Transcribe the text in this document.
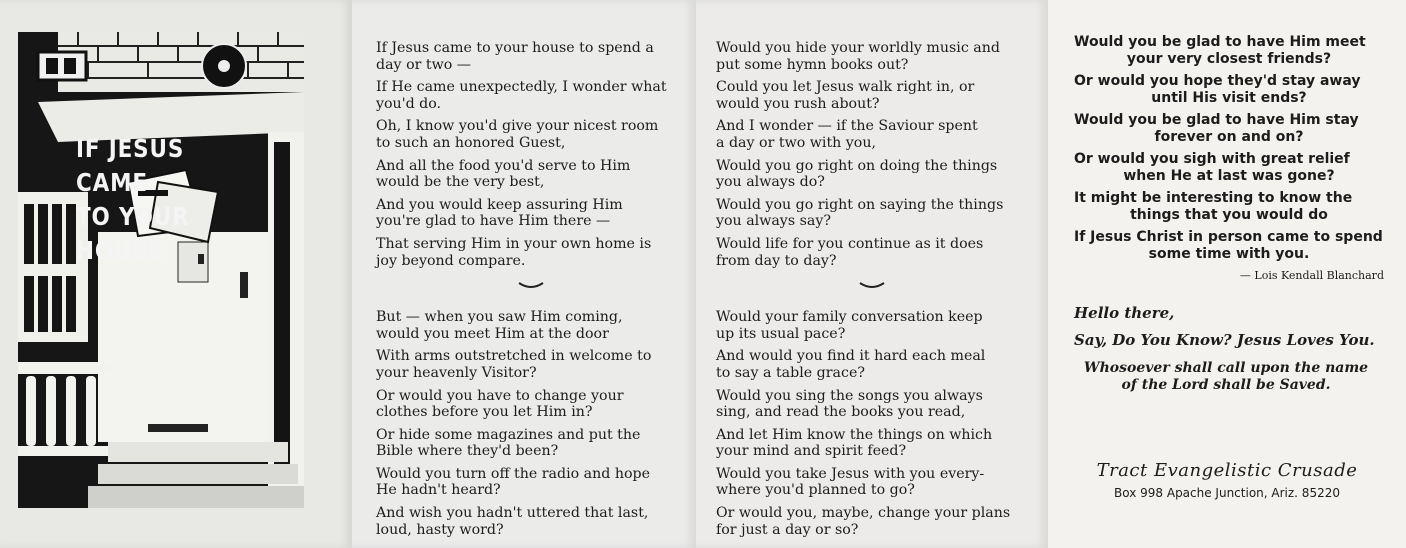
IF JESUS CAME
TO YOUR HOUSE

If Jesus came to your house to spend a
day or two —

If He came unexpectedly, I wonder what
you'd do.

Oh, I know you'd give your nicest room
to such an honored Guest,

And all the food you'd serve to Him
would be the very best,

And you would keep assuring Him
you're glad to have Him there —

That serving Him in your own home is
joy beyond compare.

But — when you saw Him coming,
would you meet Him at the door

With arms outstretched in welcome to
your heavenly Visitor?

Or would you have to change your
clothes before you let Him in?

Or hide some magazines and put the
Bible where they'd been?

Would you turn off the radio and hope
He hadn't heard?

And wish you hadn't uttered that last,
loud, hasty word?

Would you hide your worldly music and
put some hymn books out?

Could you let Jesus walk right in, or
would you rush about?

And I wonder — if the Saviour spent
a day or two with you,

Would you go right on doing the things
you always do?

Would you go right on saying the things
you always say?

Would life for you continue as it does
from day to day?

Would your family conversation keep
up its usual pace?

And would you find it hard each meal
to say a table grace?

Would you sing the songs you always
sing, and read the books you read,

And let Him know the things on which
your mind and spirit feed?

Would you take Jesus with you every-
where you'd planned to go?

Or would you, maybe, change your plans
for just a day or so?

Would you be glad to have Him meet
your very closest friends?

Or would you hope they'd stay away
until His visit ends?

Would you be glad to have Him stay
forever on and on?

Or would you sigh with great relief
when He at last was gone?

It might be interesting to know the
things that you would do

If Jesus Christ in person came to spend
some time with you.

— Lois Kendall Blanchard
Hello there,
Say, Do You Know? Jesus Loves You.
Whosoever shall call upon the name
of the Lord shall be Saved.
Tract Evangelistic Crusade
Box 998 Apache Junction, Ariz. 85220
